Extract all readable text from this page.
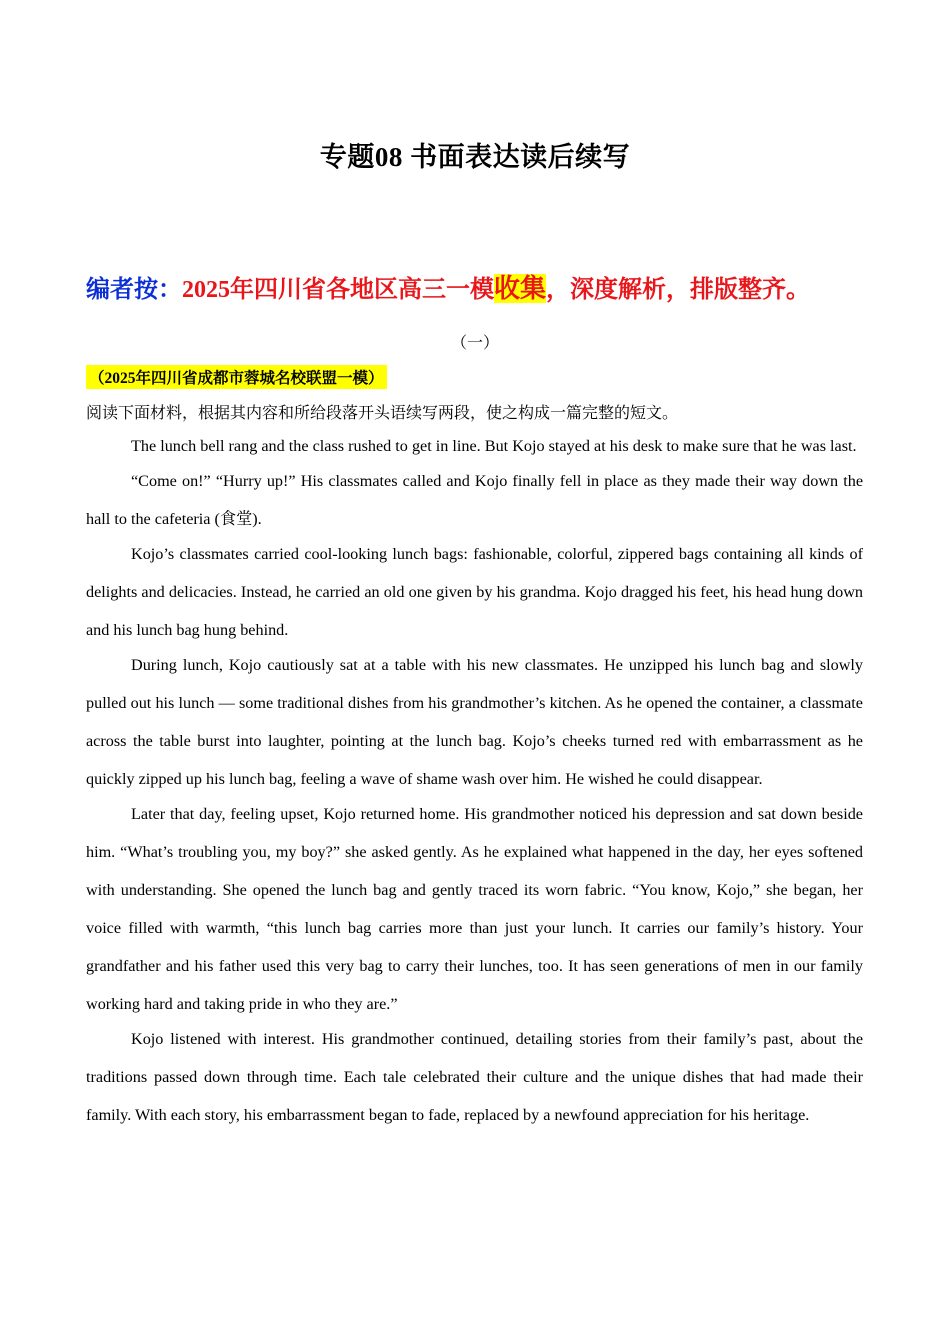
专题08 书面表达读后续写
编者按：2025年四川省各地区高三一模收集，深度解析，排版整齐。
（一）
（2025年四川省成都市蓉城名校联盟一模）
阅读下面材料，根据其内容和所给段落开头语续写两段，使之构成一篇完整的短文。

The lunch bell rang and the class rushed to get in line. But Kojo stayed at his desk to make sure that he was last.

“Come on!” “Hurry up!” His classmates called and Kojo finally fell in place as they made their way down the hall to the cafeteria (食堂).

Kojo’s classmates carried cool-looking lunch bags: fashionable, colorful, zippered bags containing all kinds of delights and delicacies. Instead, he carried an old one given by his grandma. Kojo dragged his feet, his head hung down and his lunch bag hung behind.

During lunch, Kojo cautiously sat at a table with his new classmates. He unzipped his lunch bag and slowly pulled out his lunch — some traditional dishes from his grandmother’s kitchen. As he opened the container, a classmate across the table burst into laughter, pointing at the lunch bag. Kojo’s cheeks turned red with embarrassment as he quickly zipped up his lunch bag, feeling a wave of shame wash over him. He wished he could disappear.

Later that day, feeling upset, Kojo returned home. His grandmother noticed his depression and sat down beside him. “What’s troubling you, my boy?” she asked gently. As he explained what happened in the day, her eyes softened with understanding. She opened the lunch bag and gently traced its worn fabric. “You know, Kojo,” she began, her voice filled with warmth, “this lunch bag carries more than just your lunch. It carries our family’s history. Your grandfather and his father used this very bag to carry their lunches, too. It has seen generations of men in our family working hard and taking pride in who they are.”

Kojo listened with interest. His grandmother continued, detailing stories from their family’s past, about the traditions passed down through time. Each tale celebrated their culture and the unique dishes that had made their family. With each story, his embarrassment began to fade, replaced by a newfound appreciation for his heritage.
